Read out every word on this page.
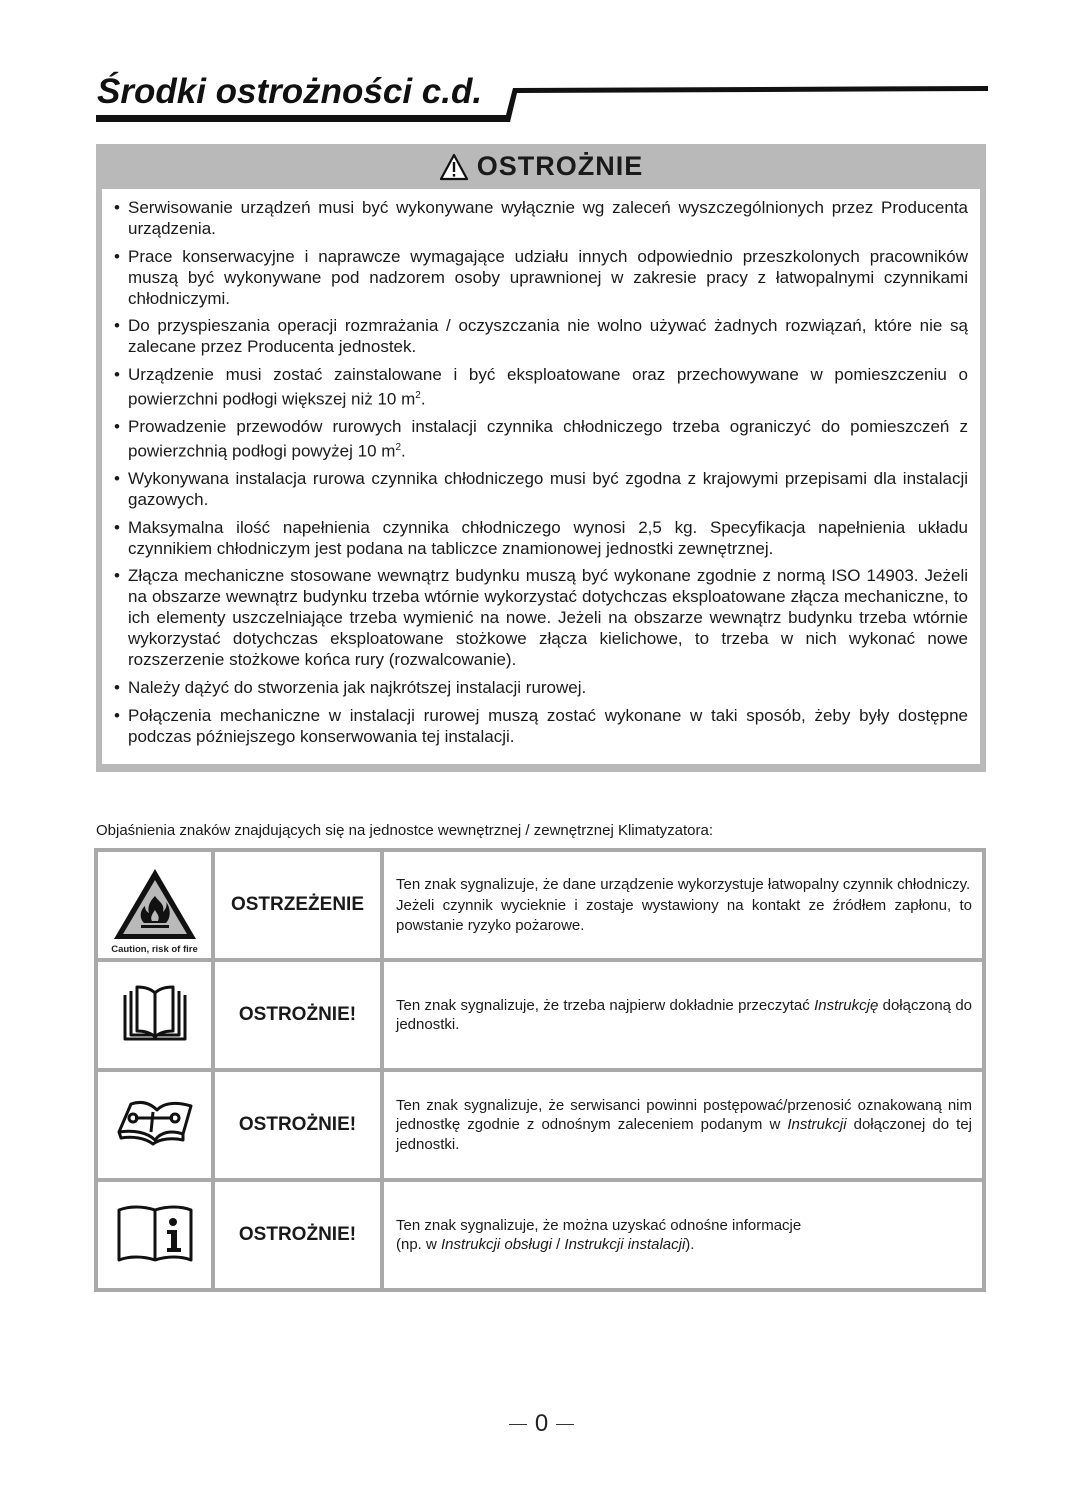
Środki ostrożności c.d.
OSTROŻNIE
• Serwisowanie urządzeń musi być wykonywane wyłącznie wg zaleceń wyszczególnionych przez Producenta urządzenia.
• Prace konserwacyjne i naprawcze wymagające udziału innych odpowiednio przeszkolonych pracowników muszą być wykonywane pod nadzorem osoby uprawnionej w zakresie pracy z łatwopalnymi czynnikami chłodniczymi.
• Do przyspieszania operacji rozmrażania / oczyszczania nie wolno używać żadnych rozwiązań, które nie są zalecane przez Producenta jednostek.
• Urządzenie musi zostać zainstalowane i być eksploatowane oraz przechowywane w pomieszczeniu o powierzchni podłogi większej niż 10 $m^2$.
• Prowadzenie przewodów rurowych instalacji czynnika chłodniczego trzeba ograniczyć do pomieszczeń z powierzchnią podłogi powyżej 10 $m^2$.
• Wykonywana instalacja rurowa czynnika chłodniczego musi być zgodna z krajowymi przepisami dla instalacji gazowych.
• Maksymalna ilość napełnienia czynnika chłodniczego wynosi 2,5 kg. Specyfikacja napełnienia układu czynnikiem chłodniczym jest podana na tabliczce znamionowej jednostki zewnętrznej.
• Złącza mechaniczne stosowane wewnątrz budynku muszą być wykonane zgodnie z normą ISO 14903. Jeżeli na obszarze wewnątrz budynku trzeba wtórnie wykorzystać dotychczas eksploatowane złącza mechaniczne, to ich elementy uszczelniające trzeba wymienić na nowe. Jeżeli na obszarze wewnątrz budynku trzeba wtórnie wykorzystać dotychczas eksploatowane stożkowe złącza kielichowe, to trzeba w nich wykonać nowe rozszerzenie stożkowe końca rury (rozwalcowanie).
• Należy dążyć do stworzenia jak najkrótszej instalacji rurowej.
• Połączenia mechaniczne w instalacji rurowej muszą zostać wykonane w taki sposób, żeby były dostępne podczas późniejszego konserwowania tej instalacji.
Objaśnienia znaków znajdujących się na jednostce wewnętrznej / zewnętrznej Klimatyzatora:
Caution, risk of fire	OSTRZEŻENIE	Ten znak sygnalizuje, że dane urządzenie wykorzystuje łatwopalny czynnik chłodniczy.

Jeżeli czynnik wycieknie i zostaje wystawiony na kontakt ze źródłem zapłonu, to powstanie ryzyko pożarowe.

	OSTROŻNIE!	Ten znak sygnalizuje, że trzeba najpierw dokładnie przeczytać Instrukcję dołączoną do jednostki.

	OSTROŻNIE!	Ten znak sygnalizuje, że serwisanci powinni postępować/przenosić oznakowaną nim jednostkę zgodnie z odnośnym zaleceniem podanym w Instrukcji dołączonej do tej jednostki.

	OSTROŻNIE!	Ten znak sygnalizuje, że można uzyskać odnośne informacje

(np. w Instrukcji obsługi / Instrukcji instalacji).

0
